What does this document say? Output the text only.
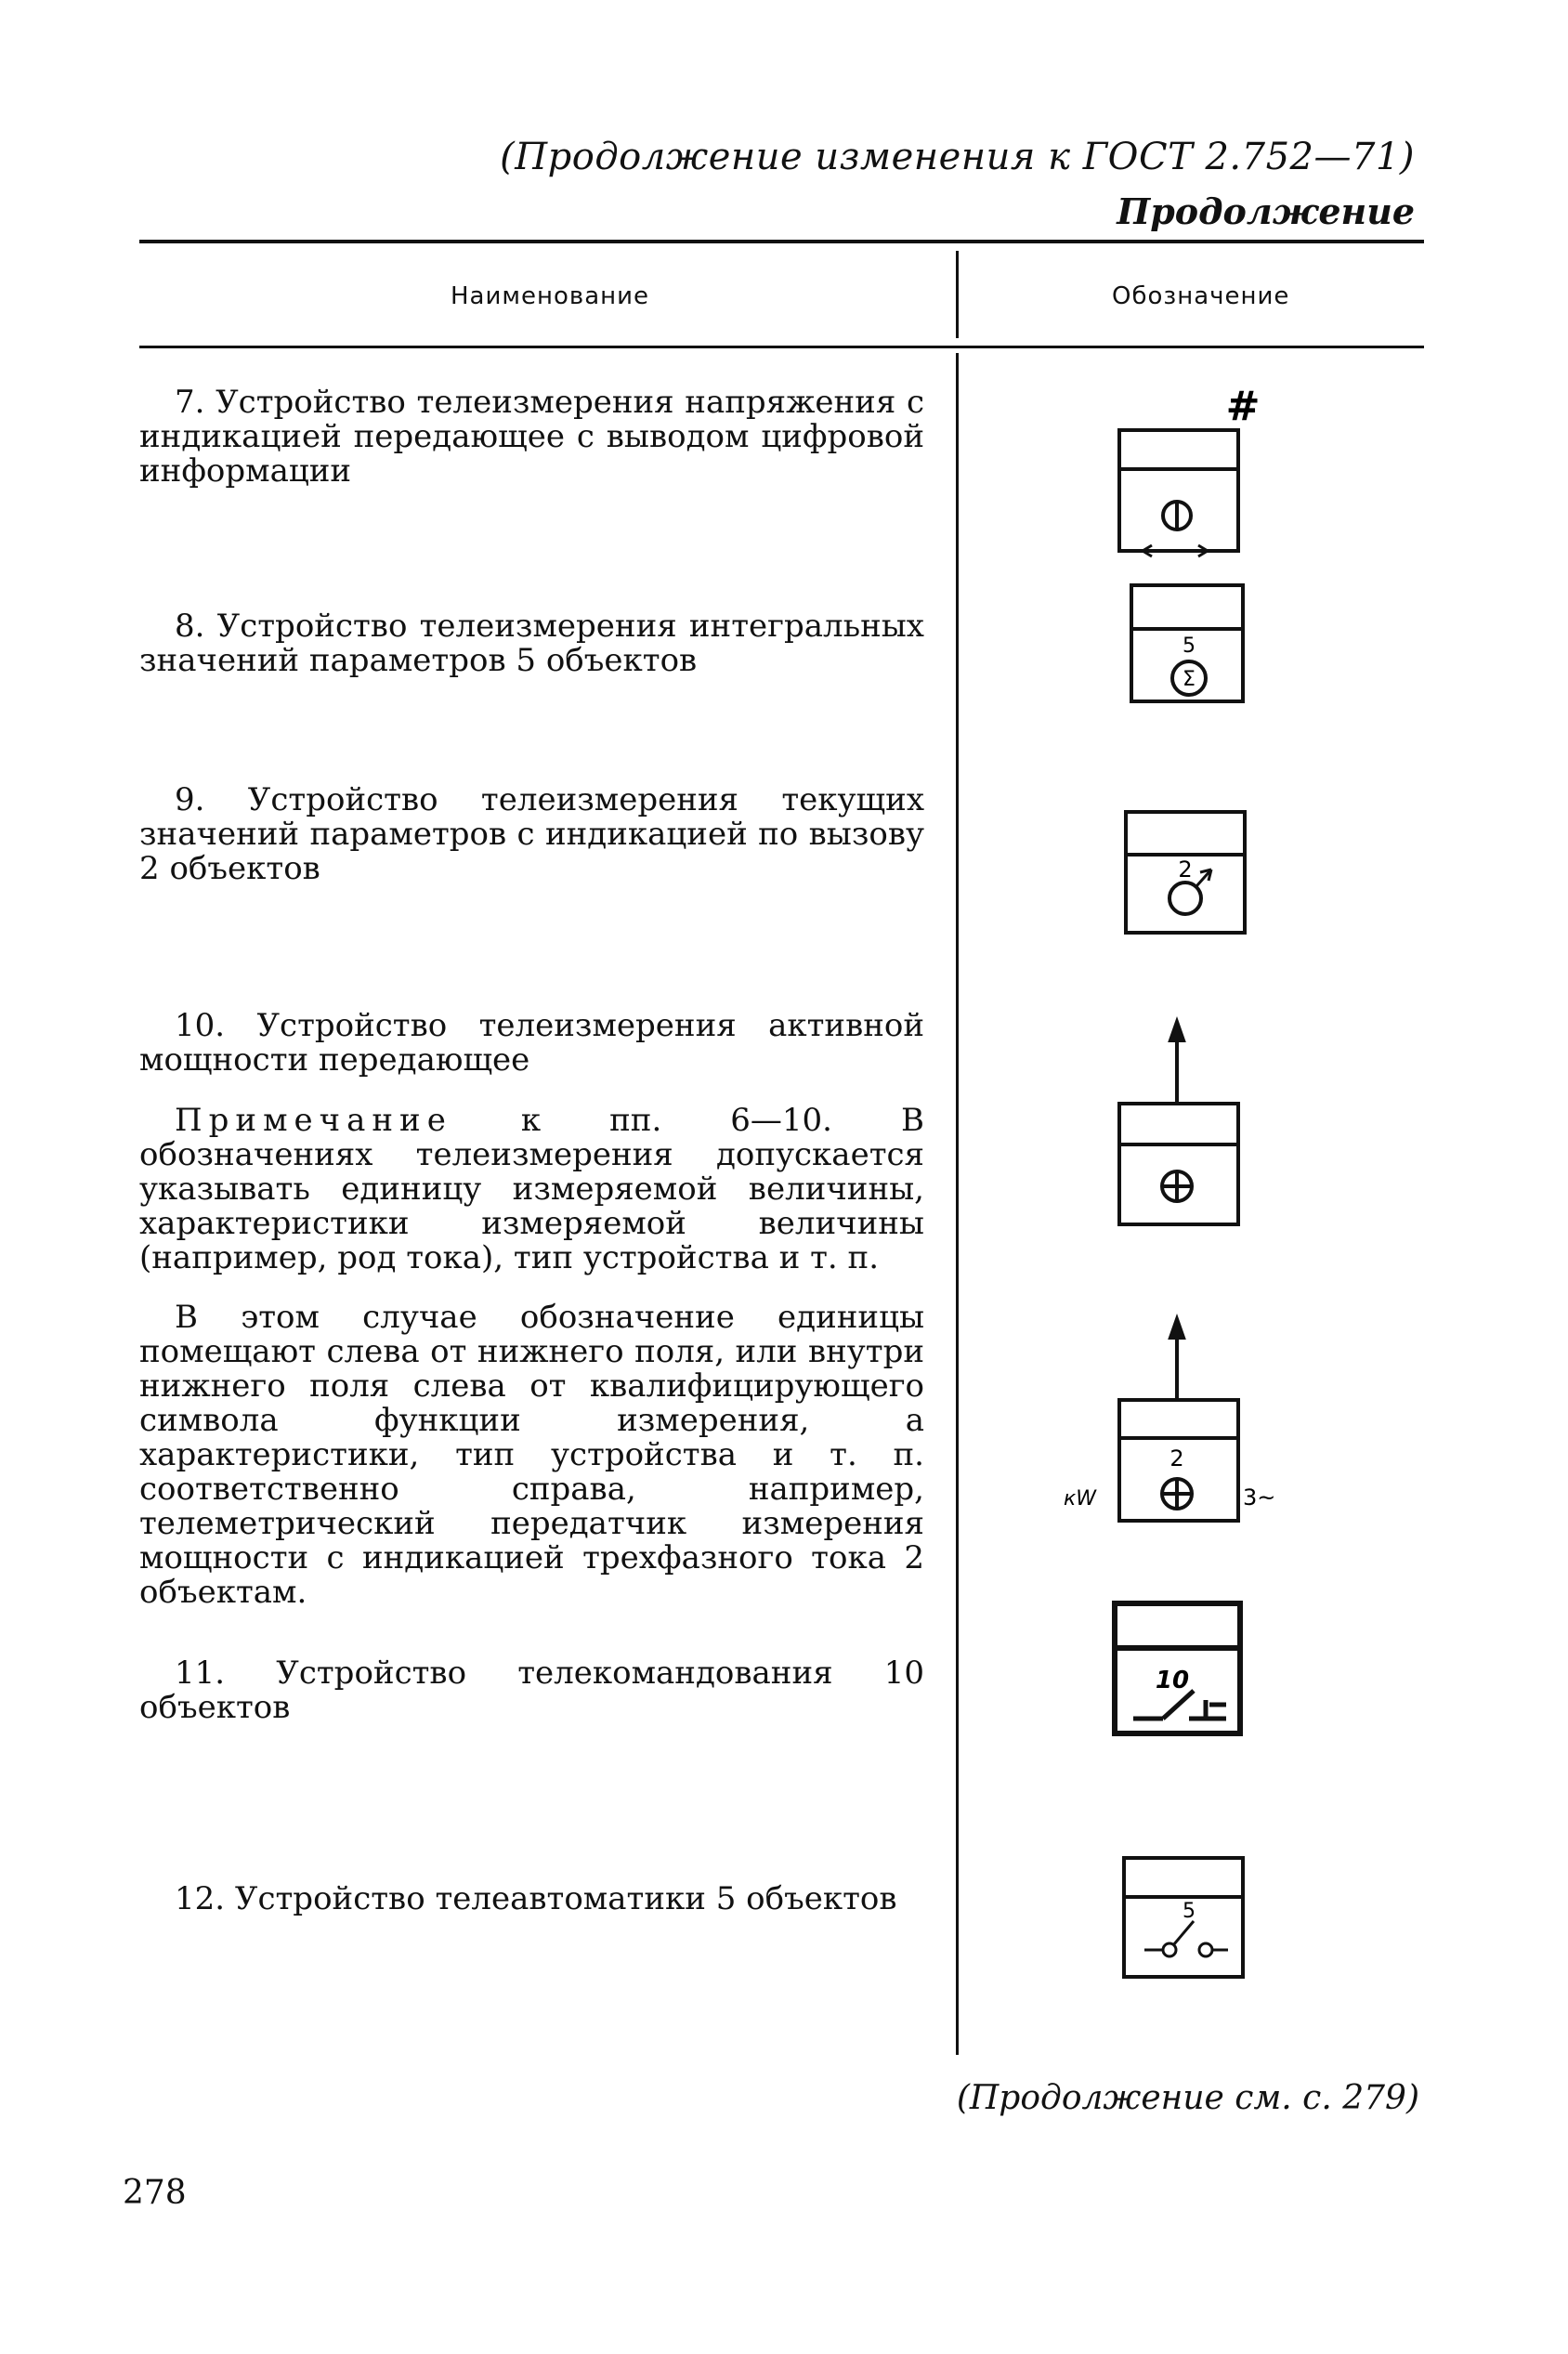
(Продолжение изменения к ГОСТ 2.752—71)
Продолжение
Наименование	Обозначение

7. Устройство телеизмерения напряжения с индикацией передающее с выводом цифровой информации

8. Устройство телеизмерения интегральных значений параметров 5 объектов

9. Устройство телеизмерения текущих значений параметров с индикацией по вызову 2 объектов

10. Устройство телеизмерения активной мощности передающее

Примечание к пп. 6—10. В обозначениях телеизмерения допускается указывать единицу измеряемой величины, характеристики измеряемой величины (например, род тока), тип устройства и т. п.

В этом случае обозначение единицы помещают слева от нижнего поля, или внутри нижнего поля слева от квалифицирующего символа функции измерения, а характеристики, тип устройства и т. п. соответственно справа, например, телеметрический передатчик измерения мощности с индикацией трехфазного тока 2 объектам.

11. Устройство телекомандования 10 объектов

12. Устройство телеавтоматики 5 объектов

#
5
Σ
2
2
кW	3~
10
5
(Продолжение см. с. 279)
278
